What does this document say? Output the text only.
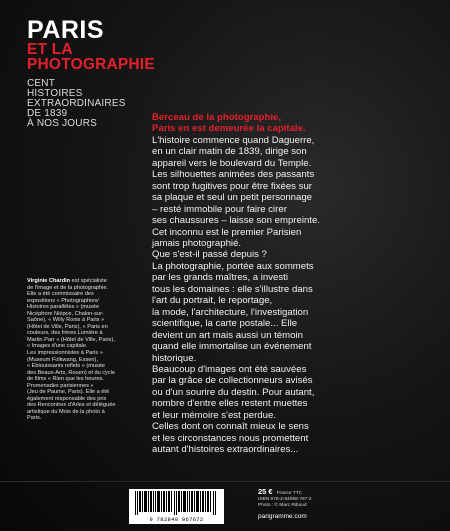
PARIS
ET LA
PHOTOGRAPHIE
CENT
HISTOIRES
EXTRAORDINAIRES
DE 1839
À NOS JOURS

Berceau de la photographie,

Paris en est demeurée la capitale.

L'histoire commence quand Daguerre,

en un clair matin de 1839, dirige son

appareil vers le boulevard du Temple.

Les silhouettes animées des passants

sont trop fugitives pour être fixées sur

sa plaque et seul un petit personnage

– resté immobile pour faire cirer

ses chaussures – laisse son empreinte.

Cet inconnu est le premier Parisien

jamais photographié.

Que s'est-il passé depuis ?

La photographie, portée aux sommets

par les grands maîtres, a investi

tous les domaines : elle s'illustre dans

l'art du portrait, le reportage,

la mode, l'architecture, l'investigation

scientifique, la carte postale... Elle

devient un art mais aussi un témoin

quand elle immortalise un événement

historique.

Beaucoup d'images ont été sauvées

par la grâce de collectionneurs avisés

ou d'un sourire du destin. Pour autant,

nombre d'entre elles restent muettes

et leur mémoire s'est perdue.

Celles dont on connaît mieux le sens

et les circonstances nous promettent

autant d'histoires extraordinaires...

Virginie Chardin est spécialiste
de l'image et de la photographie.
Elle a été commissaire des
expositions « Photographies/
Histoires parallèles » (musée
Nicéphore Niépce, Chalon-sur-
Saône), « Willy Ronis à Paris »
(Hôtel de Ville, Paris), « Paris en
couleurs, des frères Lumière à
Martin Parr » (Hôtel de Ville, Paris),
« Images d'une capitale.
Les impressionnistes à Paris »
(Museum Folkwang, Essen),
« Éblouissants reflets » (musée
des Beaux-Arts, Rouen) et du cycle
de films « Rien que les heures.
Promenades parisiennes »
(Jeu de Paume, Paris). Elle a été
également responsable des prix
des Rencontres d'Arles et déléguée
artistique du Mois de la photo à
Paris.
9 782840 967672
25 € France TTC
ISBN 978-2-84096-767-2
Photo : © Marc Riboud
parigramme.com
